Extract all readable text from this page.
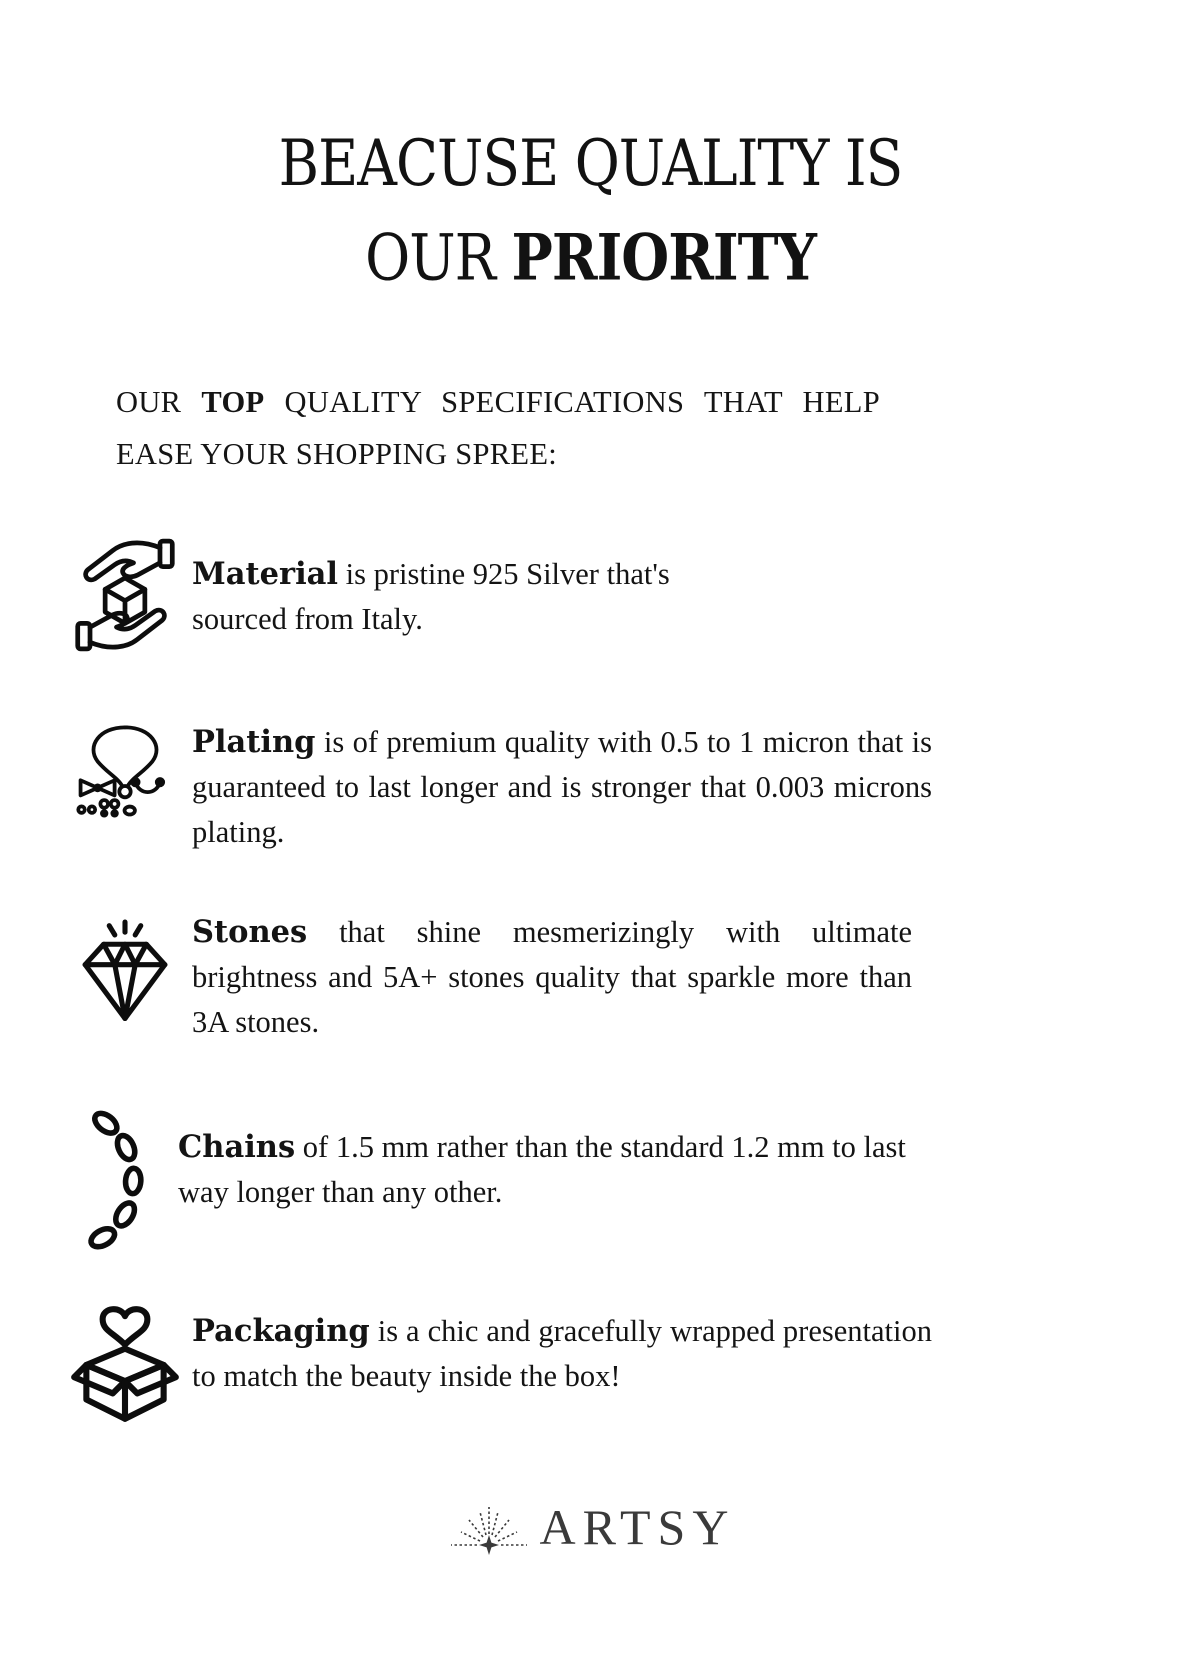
BEACUSE QUALITY IS
OUR PRIORITY

OUR TOP QUALITY SPECIFICATIONS THAT HELP EASE YOUR SHOPPING SPREE:

Material is pristine 925 Silver that's sourced from Italy.

Plating is of premium quality with 0.5 to 1 micron that is guaranteed to last longer and is stronger that 0.003 microns plating.

Stones that shine mesmerizingly with ultimate brightness and 5A+ stones quality that sparkle more than 3A stones.

Chains of 1.5 mm rather than the standard 1.2 mm to last way longer than any other.

Packaging is a chic and gracefully wrapped presentation to match the beauty inside the box!

ARTSY
